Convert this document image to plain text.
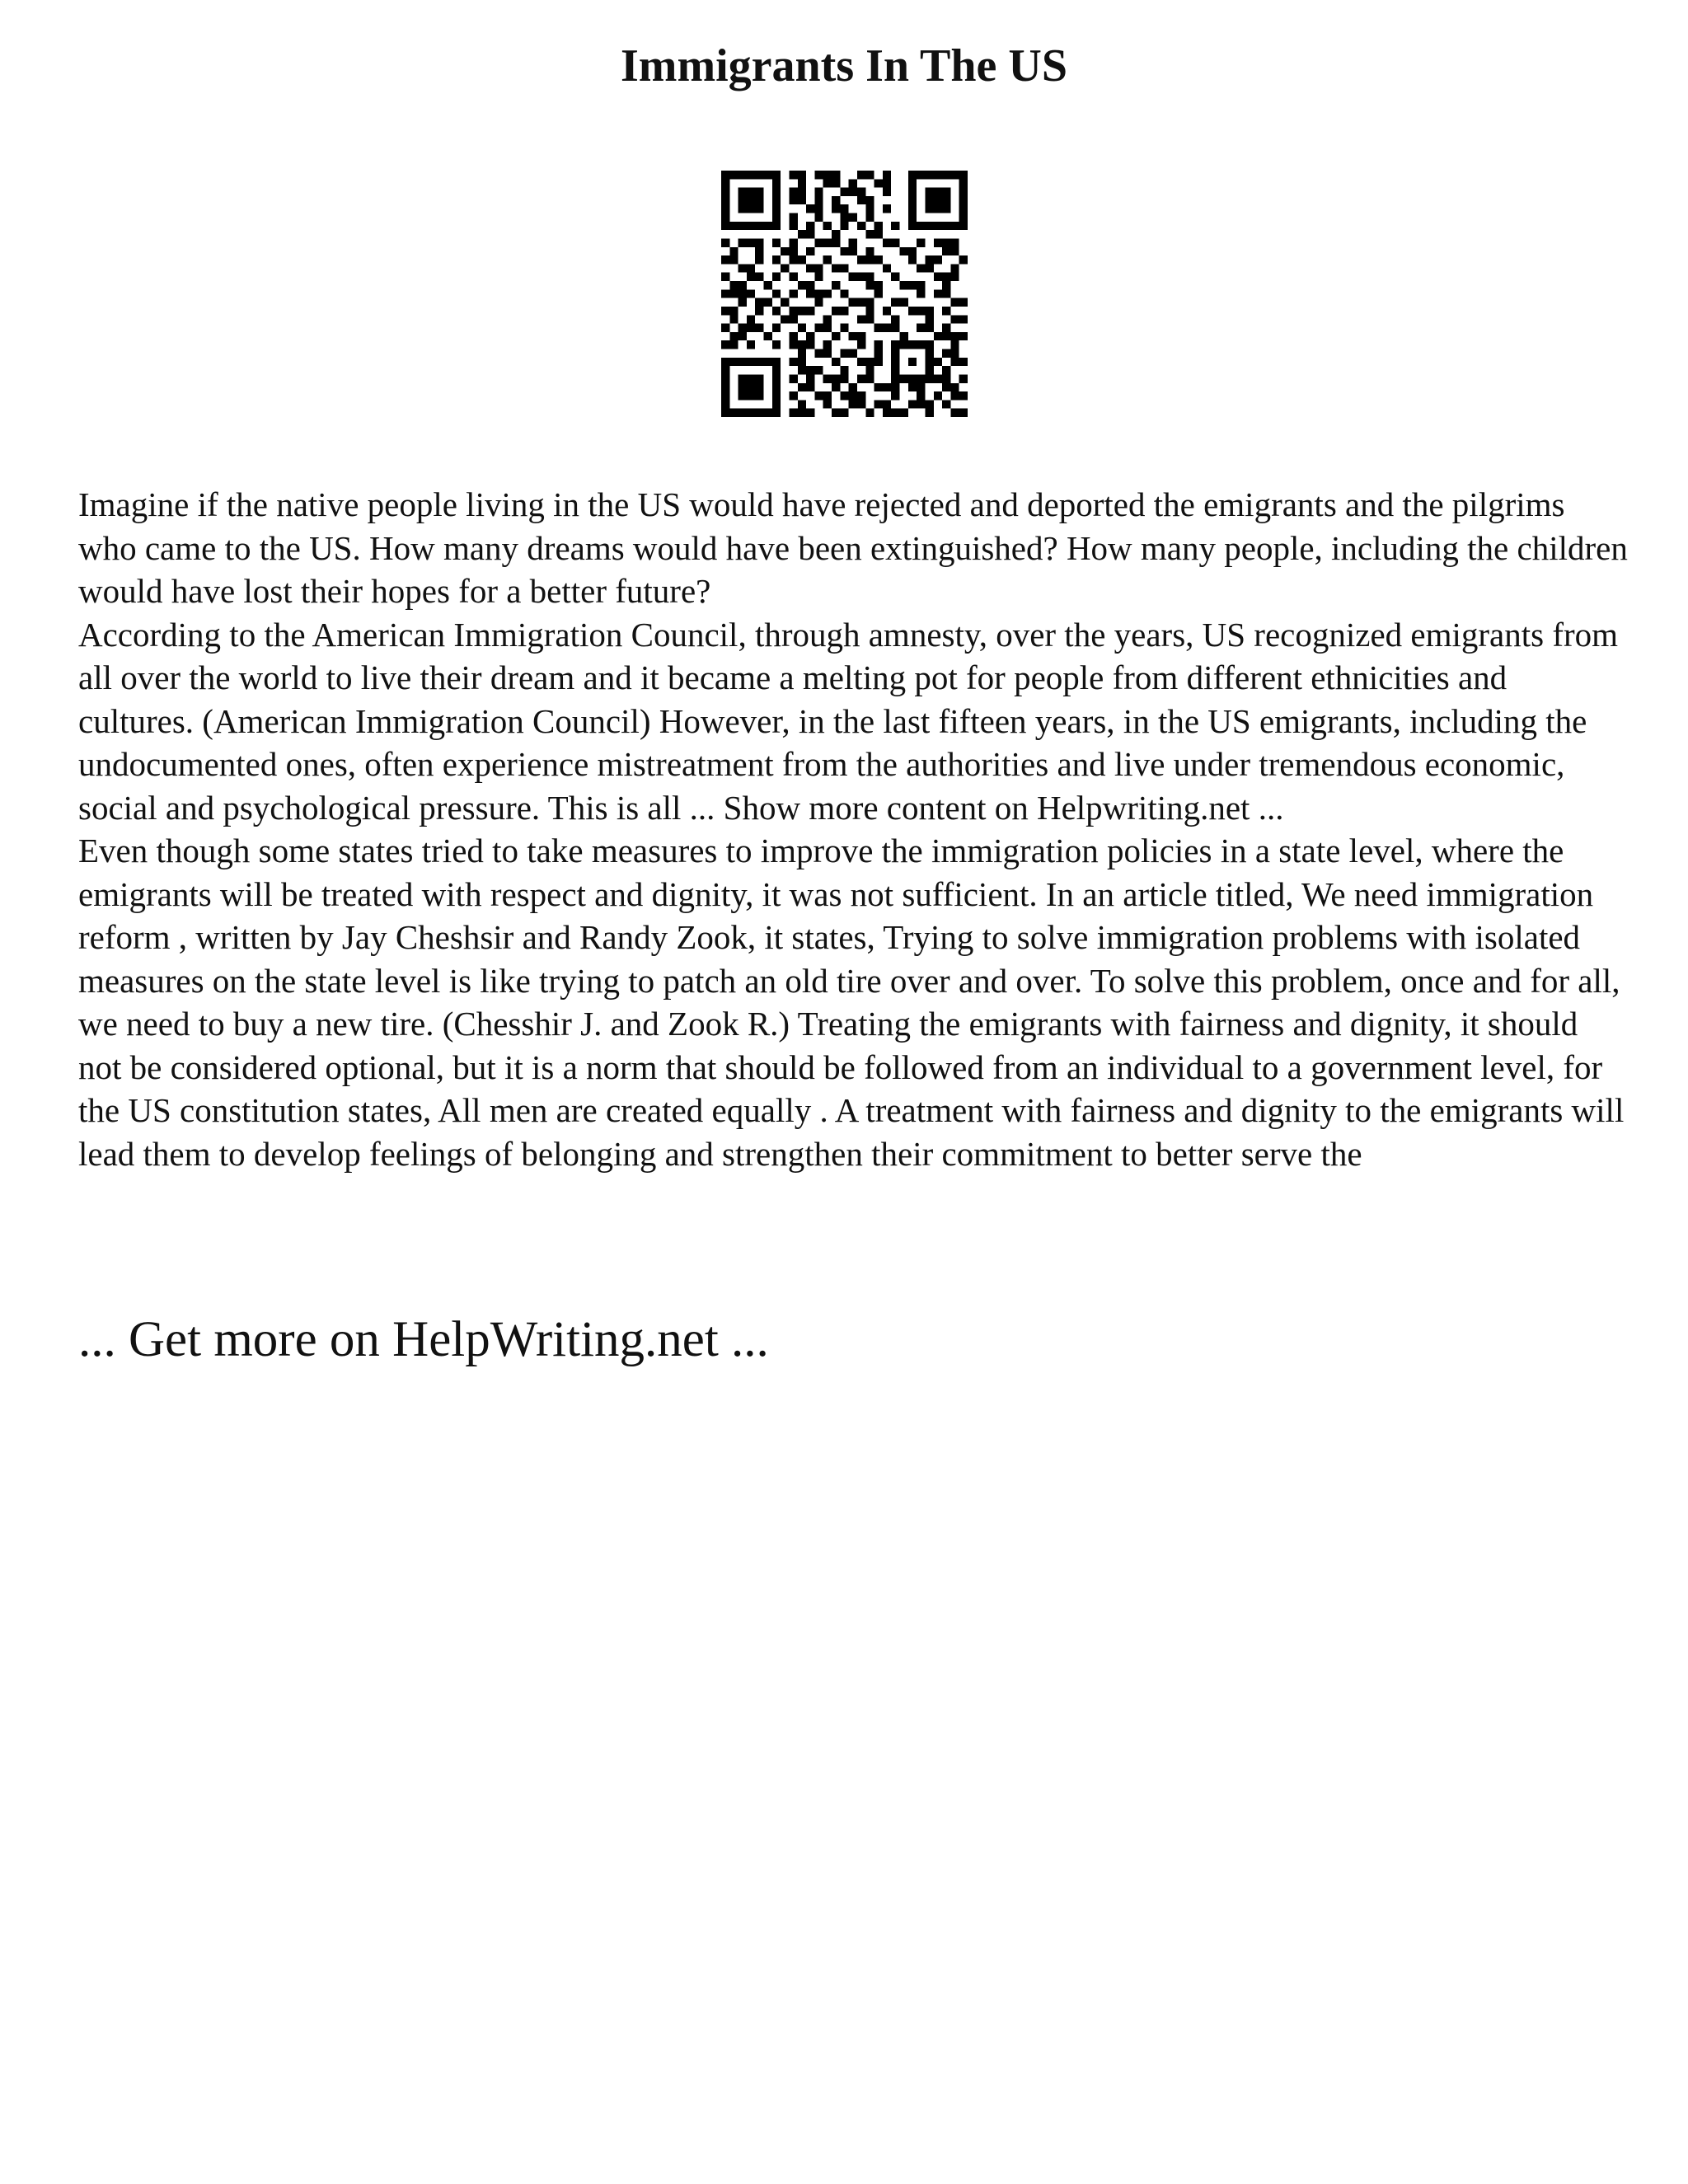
Immigrants In The US

Imagine if the native people living in the US would have rejected and deported the emigrants and the pilgrims who came to the US. How many dreams would have been extinguished? How many people, including the children would have lost their hopes for a better future?

According to the American Immigration Council, through amnesty, over the years, US recognized emigrants from all over the world to live their dream and it became a melting pot for people from different ethnicities and cultures. (American Immigration Council) However, in the last fifteen years, in the US emigrants, including the undocumented ones, often experience mistreatment from the authorities and live under tremendous economic, social and psychological pressure. This is all ... Show more content on Helpwriting.net ...

Even though some states tried to take measures to improve the immigration policies in a state level, where the emigrants will be treated with respect and dignity, it was not sufficient. In an article titled, We need immigration reform , written by Jay Cheshsir and Randy Zook, it states, Trying to solve immigration problems with isolated measures on the state level is like trying to patch an old tire over and over. To solve this problem, once and for all, we need to buy a new tire. (Chesshir J. and Zook R.) Treating the emigrants with fairness and dignity, it should not be considered optional, but it is a norm that should be followed from an individual to a government level, for the US constitution states, All men are created equally . A treatment with fairness and dignity to the emigrants will lead them to develop feelings of belonging and strengthen their commitment to better serve the

... Get more on HelpWriting.net ...
